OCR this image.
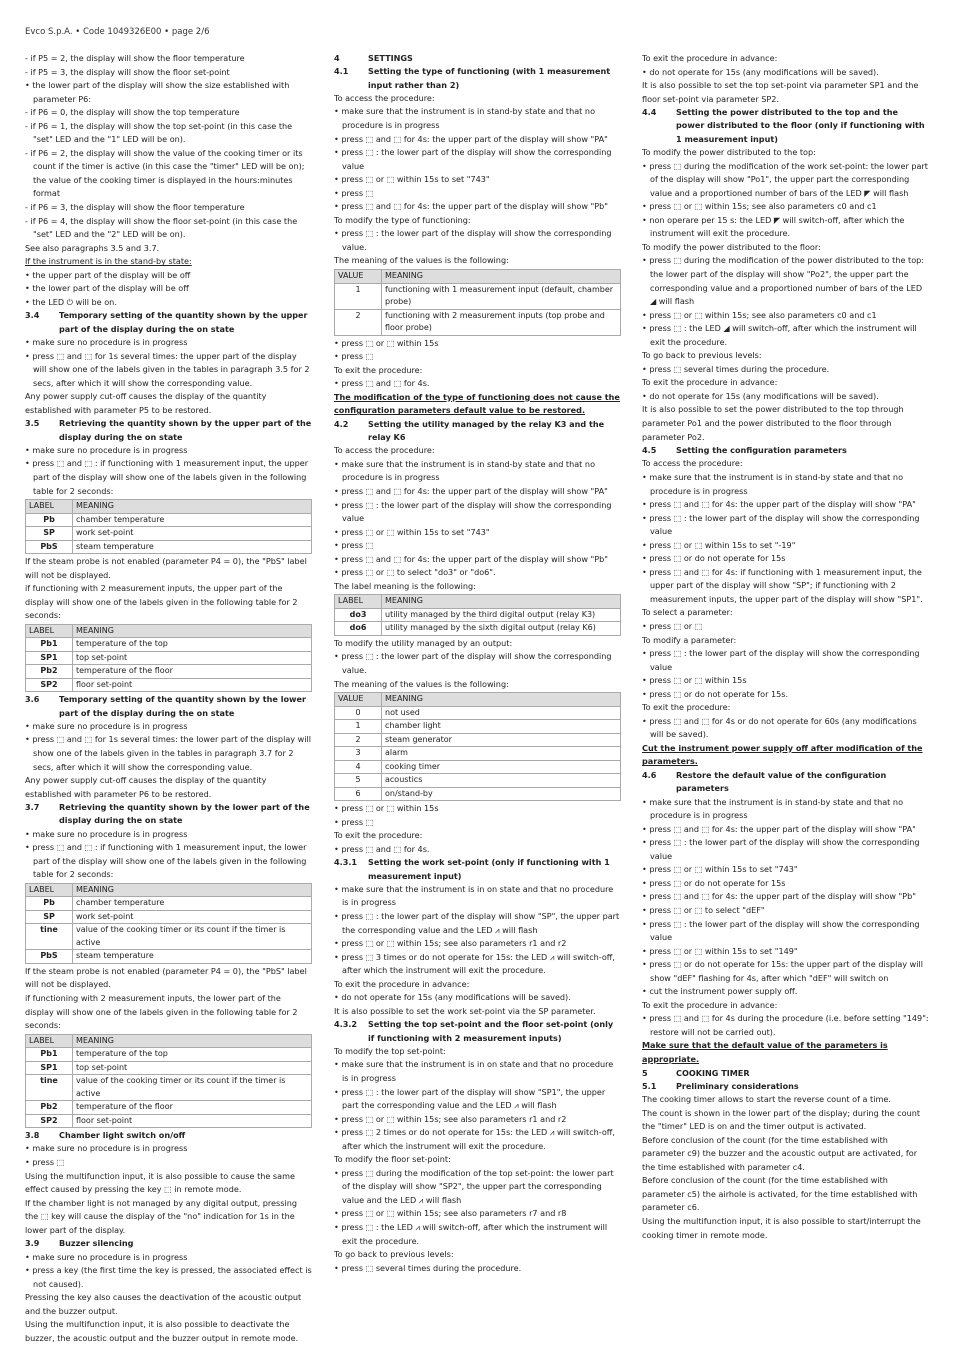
Evco S.p.A. • Code 1049326E00 • page 2/6

- if P5 = 2, the display will show the floor temperature

- if P5 = 3, the display will show the floor set-point

• the lower part of the display will show the size established with parameter P6:

- if P6 = 0, the display will show the top temperature

- if P6 = 1, the display will show the top set-point (in this case the "set" LED and the "1" LED will be on).

- if P6 = 2, the display will show the value of the cooking timer or its count if the timer is active (in this case the "timer" LED will be on); the value of the cooking timer is displayed in the hours:minutes format

- if P6 = 3, the display will show the floor temperature

- if P6 = 4, the display will show the floor set-point (in this case the "set" LED and the "2" LED will be on).

See also paragraphs 3.5 and 3.7.

If the instrument is in the stand-by state:

• the upper part of the display will be off

• the lower part of the display will be off

• the LED ⏻ will be on.

3.4	Temporary setting of the quantity shown by the upper part of the display during the on state

• make sure no procedure is in progress

• press ⬚ and ⬚ for 1s several times: the upper part of the display will show one of the labels given in the tables in paragraph 3.5 for 2 secs, after which it will show the corresponding value.

Any power supply cut-off causes the display of the quantity established with parameter P5 to be restored.

3.5	Retrieving the quantity shown by the upper part of the display during the on state

• make sure no procedure is in progress

• press ⬚ and ⬚ : if functioning with 1 measurement input, the upper part of the display will show one of the labels given in the following table for 2 seconds:

LABEL	MEANING
Pb	chamber temperature
SP	work set-point
PbS	steam temperature

If the steam probe is not enabled (parameter P4 = 0), the "PbS" label will not be displayed.

if functioning with 2 measurement inputs, the upper part of the display will show one of the labels given in the following table for 2 seconds:

LABEL	MEANING
Pb1	temperature of the top
SP1	top set-point
Pb2	temperature of the floor
SP2	floor set-point
3.6	Temporary setting of the quantity shown by the lower part of the display during the on state

• make sure no procedure is in progress

• press ⬚ and ⬚ for 1s several times: the lower part of the display will show one of the labels given in the tables in paragraph 3.7 for 2 secs, after which it will show the corresponding value.

Any power supply cut-off causes the display of the quantity established with parameter P6 to be restored.

3.7	Retrieving the quantity shown by the lower part of the display during the on state

• make sure no procedure is in progress

• press ⬚ and ⬚ : if functioning with 1 measurement input, the lower part of the display will show one of the labels given in the following table for 2 seconds:

LABEL	MEANING
Pb	chamber temperature
SP	work set-point
tine	value of the cooking timer or its count if the timer is active
PbS	steam temperature

If the steam probe is not enabled (parameter P4 = 0), the "PbS" label will not be displayed.

if functioning with 2 measurement inputs, the lower part of the display will show one of the labels given in the following table for 2 seconds:

LABEL	MEANING
Pb1	temperature of the top
SP1	top set-point
tine	value of the cooking timer or its count if the timer is active
Pb2	temperature of the floor
SP2	floor set-point
3.8	Chamber light switch on/off

• make sure no procedure is in progress

• press ⬚

Using the multifunction input, it is also possible to cause the same effect caused by pressing the key ⬚ in remote mode.

If the chamber light is not managed by any digital output, pressing the ⬚ key will cause the display of the "no" indication for 1s in the lower part of the display.

3.9	Buzzer silencing

• make sure no procedure is in progress

• press a key (the first time the key is pressed, the associated effect is not caused).

Pressing the key also causes the deactivation of the acoustic output and the buzzer output.

Using the multifunction input, it is also possible to deactivate the buzzer, the acoustic output and the buzzer output in remote mode.

4	SETTINGS
4.1	Setting the type of functioning (with 1 measurement input rather than 2)

To access the procedure:

• make sure that the instrument is in stand-by state and that no procedure is in progress

• press ⬚ and ⬚ for 4s: the upper part of the display will show "PA"

• press ⬚ : the lower part of the display will show the corresponding value

• press ⬚ or ⬚ within 15s to set "743"

• press ⬚

• press ⬚ and ⬚ for 4s: the upper part of the display will show "Pb"

To modify the type of functioning:

• press ⬚ : the lower part of the display will show the corresponding value.

The meaning of the values is the following:

VALUE	MEANING
1	functioning with 1 measurement input (default, chamber probe)
2	functioning with 2 measurement inputs (top probe and floor probe)

• press ⬚ or ⬚ within 15s

• press ⬚

To exit the procedure:

• press ⬚ and ⬚ for 4s.

The modification of the type of functioning does not cause the configuration parameters default value to be restored.

4.2	Setting the utility managed by the relay K3 and the relay K6

To access the procedure:

• make sure that the instrument is in stand-by state and that no procedure is in progress

• press ⬚ and ⬚ for 4s: the upper part of the display will show "PA"

• press ⬚ : the lower part of the display will show the corresponding value

• press ⬚ or ⬚ within 15s to set "743"

• press ⬚

• press ⬚ and ⬚ for 4s: the upper part of the display will show "Pb"

• press ⬚ or ⬚ to select "do3" or "do6".

The label meaning is the following:

LABEL	MEANING
do3	utility managed by the third digital output (relay K3)
do6	utility managed by the sixth digital output (relay K6)

To modify the utility managed by an output:

• press ⬚ : the lower part of the display will show the corresponding value.

The meaning of the values is the following:

VALUE	MEANING
0	not used
1	chamber light
2	steam generator
3	alarm
4	cooking timer
5	acoustics
6	on/stand-by

• press ⬚ or ⬚ within 15s

• press ⬚

To exit the procedure:

• press ⬚ and ⬚ for 4s.

4.3.1	Setting the work set-point (only if functioning with 1 measurement input)

• make sure that the instrument is in on state and that no procedure is in progress

• press ⬚ : the lower part of the display will show "SP", the upper part the corresponding value and the LED ⩘ will flash

• press ⬚ or ⬚ within 15s; see also parameters r1 and r2

• press ⬚ 3 times or do not operate for 15s: the LED ⩘ will switch-off, after which the instrument will exit the procedure.

To exit the procedure in advance:

• do not operate for 15s (any modifications will be saved).

It is also possible to set the work set-point via the SP parameter.

4.3.2	Setting the top set-point and the floor set-point (only if functioning with 2 measurement inputs)

To modify the top set-point:

• make sure that the instrument is in on state and that no procedure is in progress

• press ⬚ : the lower part of the display will show "SP1", the upper part the corresponding value and the LED ⩘ will flash

• press ⬚ or ⬚ within 15s; see also parameters r1 and r2

• press ⬚ 2 times or do not operate for 15s: the LED ⩘ will switch-off, after which the instrument will exit the procedure.

To modify the floor set-point:

• press ⬚ during the modification of the top set-point: the lower part of the display will show "SP2", the upper part the corresponding value and the LED ⩘ will flash

• press ⬚ or ⬚ within 15s; see also parameters r7 and r8

• press ⬚ : the LED ⩘ will switch-off, after which the instrument will exit the procedure.

To go back to previous levels:

• press ⬚ several times during the procedure.

To exit the procedure in advance:

• do not operate for 15s (any modifications will be saved).

It is also possible to set the top set-point via parameter SP1 and the floor set-point via parameter SP2.

4.4	Setting the power distributed to the top and the power distributed to the floor (only if functioning with 1 measurement input)

To modify the power distributed to the top:

• press ⬚ during the modification of the work set-point: the lower part of the display will show "Po1", the upper part the corresponding value and a proportioned number of bars of the LED ◤ will flash

• press ⬚ or ⬚ within 15s; see also parameters c0 and c1

• non operare per 15 s: the LED ◤ will switch-off, after which the instrument will exit the procedure.

To modify the power distributed to the floor:

• press ⬚ during the modification of the power distributed to the top: the lower part of the display will show "Po2", the upper part the corresponding value and a proportioned number of bars of the LED ◢ will flash

• press ⬚ or ⬚ within 15s; see also parameters c0 and c1

• press ⬚ : the LED ◢ will switch-off, after which the instrument will exit the procedure.

To go back to previous levels:

• press ⬚ several times during the procedure.

To exit the procedure in advance:

• do not operate for 15s (any modifications will be saved).

It is also possible to set the power distributed to the top through parameter Po1 and the power distributed to the floor through parameter Po2.

4.5	Setting the configuration parameters

To access the procedure:

• make sure that the instrument is in stand-by state and that no procedure is in progress

• press ⬚ and ⬚ for 4s: the upper part of the display will show "PA"

• press ⬚ : the lower part of the display will show the corresponding value

• press ⬚ or ⬚ within 15s to set "-19"

• press ⬚ or do not operate for 15s

• press ⬚ and ⬚ for 4s: if functioning with 1 measurement input, the upper part of the display will show "SP"; if functioning with 2 measurement inputs, the upper part of the display will show "SP1".

To select a parameter:

• press ⬚ or ⬚

To modify a parameter:

• press ⬚ : the lower part of the display will show the corresponding value

• press ⬚ or ⬚ within 15s

• press ⬚ or do not operate for 15s.

To exit the procedure:

• press ⬚ and ⬚ for 4s or do not operate for 60s (any modifications will be saved).

Cut the instrument power supply off after modification of the parameters.

4.6	Restore the default value of the configuration parameters

• make sure that the instrument is in stand-by state and that no procedure is in progress

• press ⬚ and ⬚ for 4s: the upper part of the display will show "PA"

• press ⬚ : the lower part of the display will show the corresponding value

• press ⬚ or ⬚ within 15s to set "743"

• press ⬚ or do not operate for 15s

• press ⬚ and ⬚ for 4s: the upper part of the display will show "Pb"

• press ⬚ or ⬚ to select "dEF"

• press ⬚ : the lower part of the display will show the corresponding value

• press ⬚ or ⬚ within 15s to set "149"

• press ⬚ or do not operate for 15s: the upper part of the display will show "dEF" flashing for 4s, after which "dEF" will switch on

• cut the instrument power supply off.

To exit the procedure in advance:

• press ⬚ and ⬚ for 4s during the procedure (i.e. before setting "149": restore will not be carried out).

Make sure that the default value of the parameters is appropriate.

5	COOKING TIMER
5.1	Preliminary considerations

The cooking timer allows to start the reverse count of a time.

The count is shown in the lower part of the display; during the count the "timer" LED is on and the timer output is activated.

Before conclusion of the count (for the time established with parameter c9) the buzzer and the acoustic output are activated, for the time established with parameter c4.

Before conclusion of the count (for the time established with parameter c5) the airhole is activated, for the time established with parameter c6.

Using the multifunction input, it is also possible to start/interrupt the cooking timer in remote mode.
